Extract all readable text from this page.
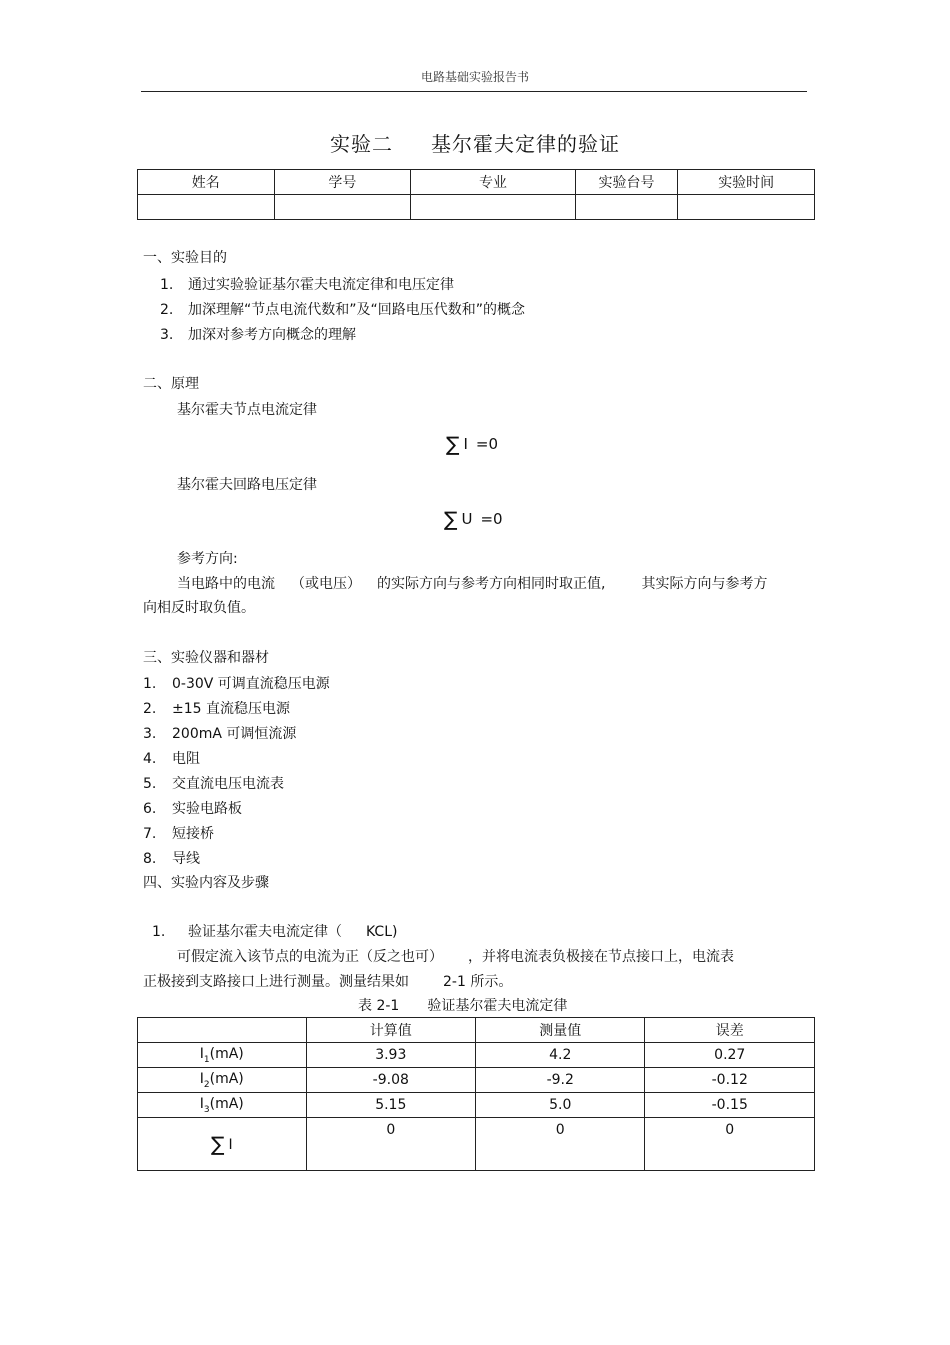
电路基础实验报告书
实验二 基尔霍夫定律的验证
姓名	学号	专业	实验台号	实验时间

一、实验目的
1. 通过实验验证基尔霍夫电流定律和电压定律
2. 加深理解“节点电流代数和”及“回路电压代数和”的概念
3. 加深对参考方向概念的理解
二、原理
基尔霍夫节点电流定律
∑ I =0
基尔霍夫回路电压定律
∑ U =0
参考方向:
当电路中的电流 （或电压） 的实际方向与参考方向相同时取正值,	其实际方向与参考方
向相反时取负值。
三、实验仪器和器材
1. 0-30V 可调直流稳压电源
2. ±15 直流稳压电源
3. 200mA 可调恒流源
4. 电阻
5. 交直流电压电流表
6. 实验电路板
7. 短接桥
8. 导线
四、实验内容及步骤
1. 验证基尔霍夫电流定律（ KCL)
可假定流入该节点的电流为正（反之也可） ，并将电流表负极接在节点接口上，电流表
正极接到支路接口上进行测量。测量结果如 2-1 所示。
表 2-1 验证基尔霍夫电流定律
	计算值	测量值	误差
$I_1(mA)$	3.93	4.2	0.27
$I_2(mA)$	-9.08	-9.2	-0.12
$I_3(mA)$	5.15	5.0	-0.15
∑ I	0	0	0
